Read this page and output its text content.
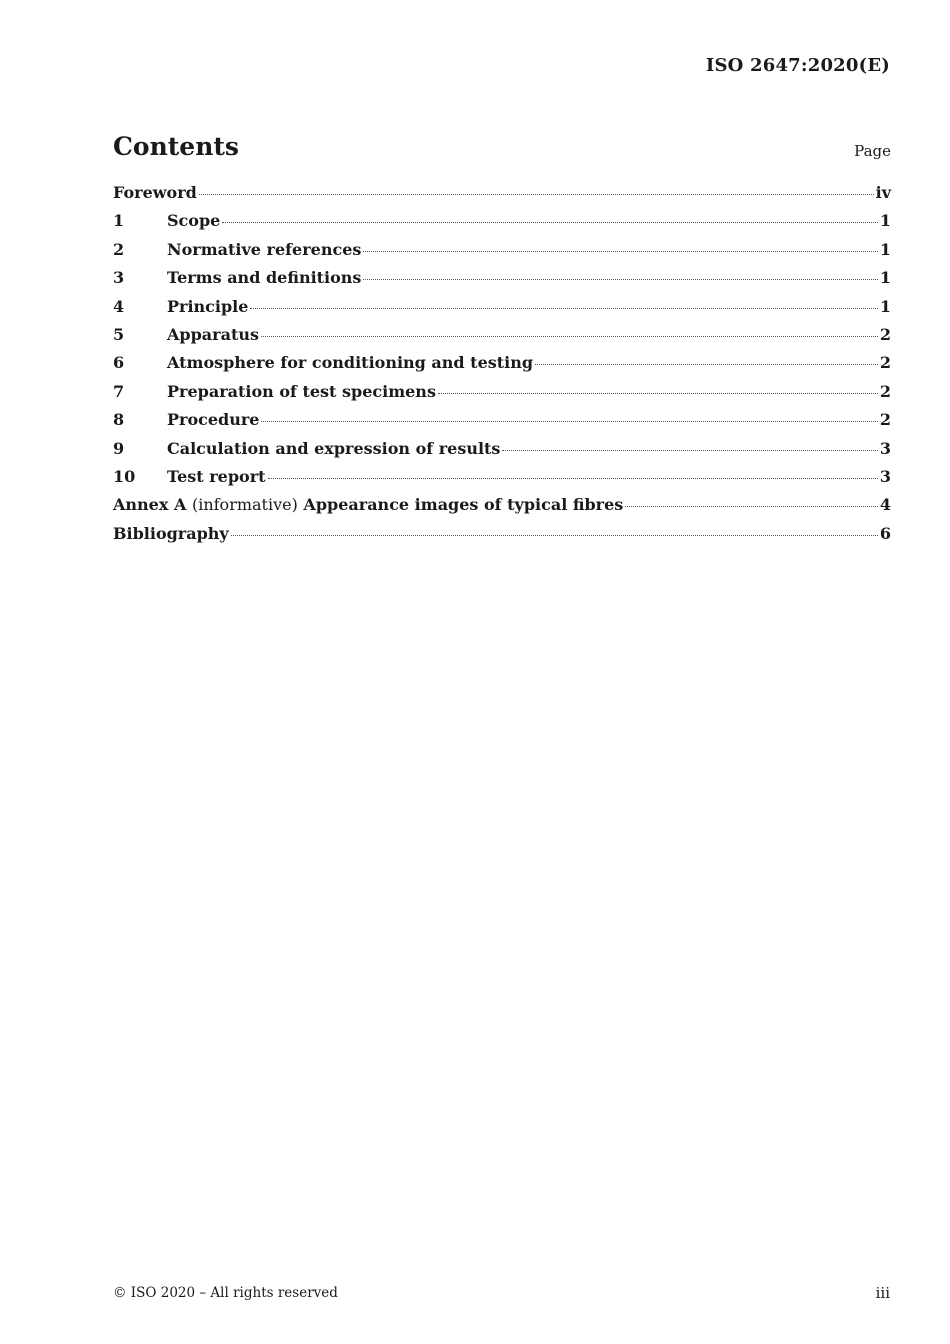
ISO 2647:2020(E)
Contents	Page
Foreword	iv
1	Scope	1
2	Normative references	1
3	Terms and definitions	1
4	Principle	1
5	Apparatus	2
6	Atmosphere for conditioning and testing	2
7	Preparation of test specimens	2
8	Procedure	2
9	Calculation and expression of results	3
10	Test report	3
Annex A (informative) Appearance images of typical fibres	4
Bibliography	6
© ISO 2020 – All rights reserved	iii
